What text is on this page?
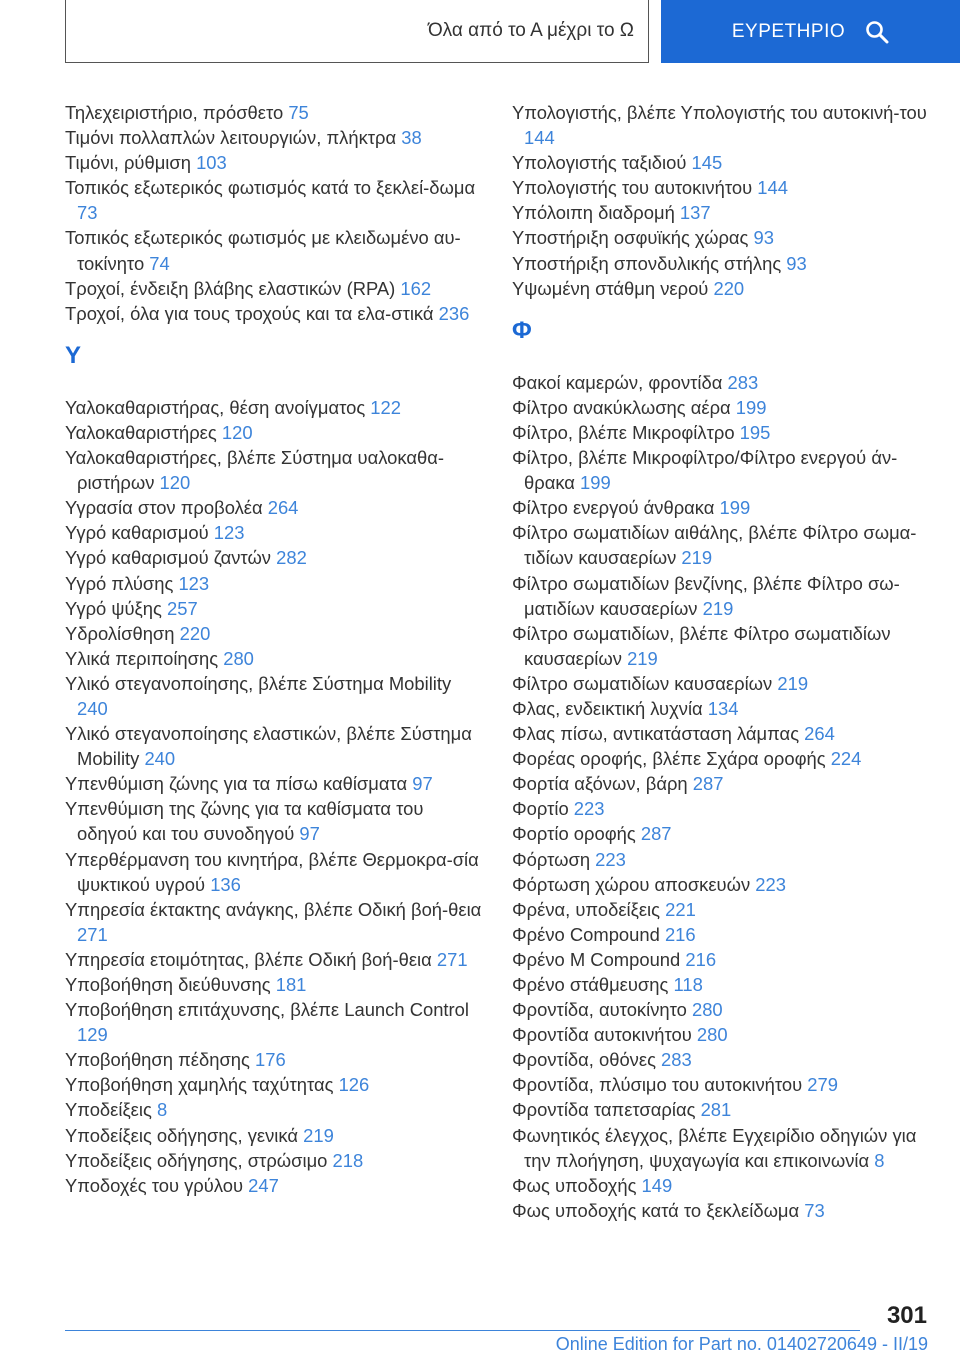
Όλα από το Α μέχρι το Ω	ΕΥΡΕΤΗΡΙΟ
Τηλεχειριστήριο, πρόσθετο 75
Τιμόνι πολλαπλών λειτουργιών, πλήκτρα 38
Τιμόνι, ρύθμιση 103
Τοπικός εξωτερικός φωτισμός κατά το ξεκλεί-δωμα 73
Τοπικός εξωτερικός φωτισμός με κλειδωμένο αυ-τοκίνητο 74
Τροχοί, ένδειξη βλάβης ελαστικών (RPA) 162
Τροχοί, όλα για τους τροχούς και τα ελα-στικά 236
Υ
Υαλοκαθαριστήρας, θέση ανοίγματος 122
Υαλοκαθαριστήρες 120
Υαλοκαθαριστήρες, βλέπε Σύστημα υαλοκαθα-ριστήρων 120
Υγρασία στον προβολέα 264
Υγρό καθαρισμού 123
Υγρό καθαρισμού ζαντών 282
Υγρό πλύσης 123
Υγρό ψύξης 257
Υδρολίσθηση 220
Υλικά περιποίησης 280
Υλικό στεγανοποίησης, βλέπε Σύστημα Mobility 240
Υλικό στεγανοποίησης ελαστικών, βλέπε Σύστημα Mobility 240
Υπενθύμιση ζώνης για τα πίσω καθίσματα 97
Υπενθύμιση της ζώνης για τα καθίσματα του οδηγού και του συνοδηγού 97
Υπερθέρμανση του κινητήρα, βλέπε Θερμοκρα-σία ψυκτικού υγρού 136
Υπηρεσία έκτακτης ανάγκης, βλέπε Οδική βοή-θεια 271
Υπηρεσία ετοιμότητας, βλέπε Οδική βοή-θεια 271
Υποβοήθηση διεύθυνσης 181
Υποβοήθηση επιτάχυνσης, βλέπε Launch Control 129
Υποβοήθηση πέδησης 176
Υποβοήθηση χαμηλής ταχύτητας 126
Υποδείξεις 8
Υποδείξεις οδήγησης, γενικά 219
Υποδείξεις οδήγησης, στρώσιμο 218
Υποδοχές του γρύλου 247
Υπολογιστής, βλέπε Υπολογιστής του αυτοκινή-του 144
Υπολογιστής ταξιδιού 145
Υπολογιστής του αυτοκινήτου 144
Υπόλοιπη διαδρομή 137
Υποστήριξη οσφυϊκής χώρας 93
Υποστήριξη σπονδυλικής στήλης 93
Υψωμένη στάθμη νερού 220
Φ
Φακοί καμερών, φροντίδα 283
Φίλτρο ανακύκλωσης αέρα 199
Φίλτρο, βλέπε Μικροφίλτρο 195
Φίλτρο, βλέπε Μικροφίλτρο/Φίλτρο ενεργού άν-θρακα 199
Φίλτρο ενεργού άνθρακα 199
Φίλτρο σωματιδίων αιθάλης, βλέπε Φίλτρο σωμα-τιδίων καυσαερίων 219
Φίλτρο σωματιδίων βενζίνης, βλέπε Φίλτρο σω-ματιδίων καυσαερίων 219
Φίλτρο σωματιδίων, βλέπε Φίλτρο σωματιδίων καυσαερίων 219
Φίλτρο σωματιδίων καυσαερίων 219
Φλας, ενδεικτική λυχνία 134
Φλας πίσω, αντικατάσταση λάμπας 264
Φορέας οροφής, βλέπε Σχάρα οροφής 224
Φορτία αξόνων, βάρη 287
Φορτίο 223
Φορτίο οροφής 287
Φόρτωση 223
Φόρτωση χώρου αποσκευών 223
Φρένα, υποδείξεις 221
Φρένο Compound 216
Φρένο M Compound 216
Φρένο στάθμευσης 118
Φροντίδα, αυτοκίνητο 280
Φροντίδα αυτοκινήτου 280
Φροντίδα, οθόνες 283
Φροντίδα, πλύσιμο του αυτοκινήτου 279
Φροντίδα ταπετσαρίας 281
Φωνητικός έλεγχος, βλέπε Εγχειρίδιο οδηγιών για την πλοήγηση, ψυχαγωγία και επικοινωνία 8
Φως υποδοχής 149
Φως υποδοχής κατά το ξεκλείδωμα 73
301
Online Edition for Part no. 01402720649 - II/19
